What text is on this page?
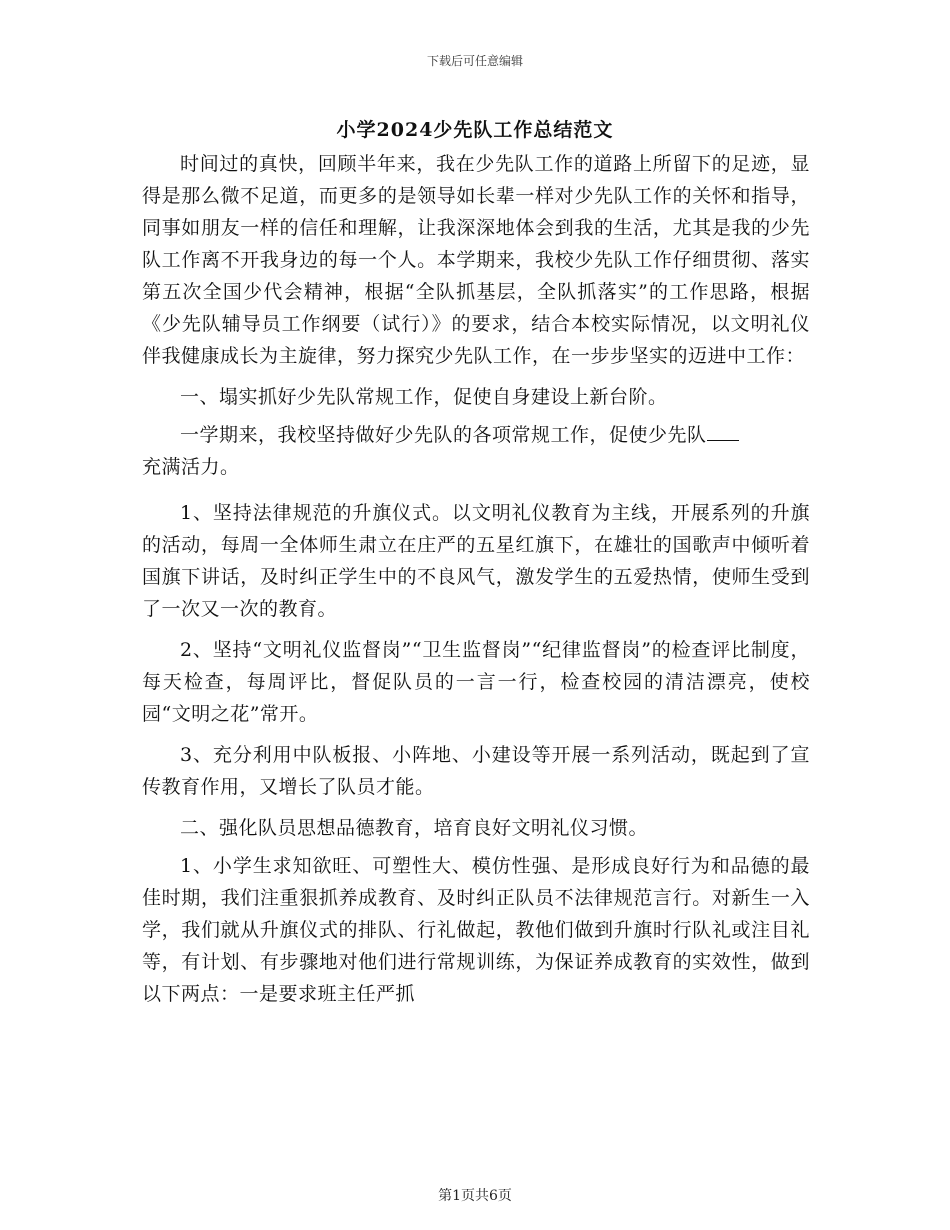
下载后可任意编辑
小学2024少先队工作总结范文

时间过的真快，回顾半年来，我在少先队工作的道路上所留下的足迹，显得是那么微不足道，而更多的是领导如长辈一样对少先队工作的关怀和指导，同事如朋友一样的信任和理解，让我深深地体会到我的生活，尤其是我的少先队工作离不开我身边的每一个人。本学期来，我校少先队工作仔细贯彻、落实第五次全国少代会精神，根据“全队抓基层，全队抓落实”的工作思路，根据《少先队辅导员工作纲要（试行）》的要求，结合本校实际情况，以文明礼仪伴我健康成长为主旋律，努力探究少先队工作，在一步步坚实的迈进中工作：

一、塌实抓好少先队常规工作，促使自身建设上新台阶。

一学期来，我校坚持做好少先队的各项常规工作，促使少先队

充满活力。

1、坚持法律规范的升旗仪式。以文明礼仪教育为主线，开展系列的升旗的活动，每周一全体师生肃立在庄严的五星红旗下，在雄壮的国歌声中倾听着国旗下讲话，及时纠正学生中的不良风气，激发学生的五爱热情，使师生受到了一次又一次的教育。

2、坚持“文明礼仪监督岗”“卫生监督岗”“纪律监督岗”的检查评比制度，每天检查，每周评比，督促队员的一言一行，检查校园的清洁漂亮，使校园“文明之花”常开。

3、充分利用中队板报、小阵地、小建设等开展一系列活动，既起到了宣传教育作用，又增长了队员才能。

二、强化队员思想品德教育，培育良好文明礼仪习惯。

1、小学生求知欲旺、可塑性大、模仿性强、是形成良好行为和品德的最佳时期，我们注重狠抓养成教育、及时纠正队员不法律规范言行。对新生一入学，我们就从升旗仪式的排队、行礼做起，教他们做到升旗时行队礼或注目礼等，有计划、有步骤地对他们进行常规训练，为保证养成教育的实效性，做到以下两点：一是要求班主任严抓

第1页共6页
